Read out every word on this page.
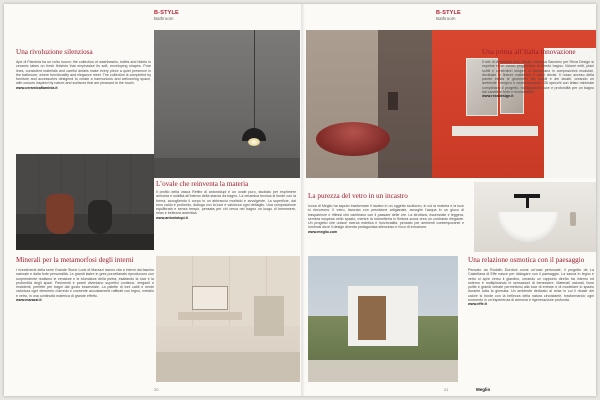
B-STYLE
Bathroom
Una rivoluzione silenziosa
Ape di Flaminia ha un volto nuovo: the collection of washbasins, toilets and bidets in ceramic takes on fresh finishes that emphasise its soft, enveloping shapes. Pure lines, consistent materials and careful details make every piece a quiet presence in the bathroom, where functionality and elegance meet. The collection is completed by furniture and accessories designed to create a harmonious and welcoming space, with colours inspired by nature and surfaces that are pleasant to the touch.
www.ceramicaflaminia.it
L’ovale che reinventa la materia
Il profilo della vasca Reflex di antoniolupi è un ovale puro, studiato per esprimere armonia e solidità all’interno della stanza da bagno. La ceramica tecnica si fonde con la forma, accogliendo il corpo in un abbraccio morbido e avvolgente. La superficie, dal tono caldo e profondo, dialoga con la luce e valorizza ogni dettaglio. Una composizione equilibrata e senza tempo, pensata per chi cerca nel bagno un luogo di benessere, relax e bellezza autentica.
www.antoniolupi.it
Minerali per la metamorfosi degli interni
I rivestimenti della serie Grande Stone Look di Marazzi danno vita a interni dal fascino naturale e dalla forte personalità. Le grandi lastre in gres porcellanato riproducono con sorprendente realismo le venature e le sfumature della pietra, esaltando la luce e la profondità degli spazi. Pavimenti e pareti diventano superfici continue, eleganti e resistenti, perfette per bagni dal gusto essenziale. La palette di toni caldi e neutri valorizza ogni elemento d’arredo e consente accostamenti raffinati con legno, metallo e vetro, in una continuità materica di grande effetto.
www.marazzi.it
20
B-STYLE
Bathroom
Una prima all’Italia innovazione
Il mix di dinamicità dello Studio Vanessa Sanchez per Rexa Design si esprime in un nuovo programma di arredo bagno. Volumi netti, piani sottili e contenitori sospesi si combinano in composizioni modulari, declinate in finiture materiche e colori decisi. Il rosso acceso della parete esalta le geometrie dei mobili e dei lavabi, creando un ambiente energico e contemporaneo. Gli specchi con telaio minimale completano il progetto, moltiplicando luce e profondità per un bagno dal carattere forte e riconoscibile.
www.rexadesign.it
La purezza del vetro in un incastro
Icona di Meglio ha saputo trasformare il lavabo in un oggetto scultoreo, in cui la materia e la luce si rincorrono. Il vetro, lavorato con precisione artigianale, accoglie l’acqua in un gioco di trasparenze e riflessi che cambiano con il passare delle ore. La struttura, essenziale e leggera, sembra sospesa nello spazio, mentre la rubinetteria in finitura scura crea un contrasto elegante. Un progetto che unisce ricerca estetica e funzionalità, pensato per ambienti contemporanei e luminosi dove il design diventa protagonista silenzioso e ricco di emozione.
www.meglio.com
Una relazione osmotica con il paesaggio
Pensato da Rodolfo Dordoni come un’oasi personale, il progetto de La Castellana di Effe nasce per dialogare con il paesaggio. La sauna in legno e vetro si apre verso il giardino, creando un rapporto diretto tra interno ed esterno e moltiplicando le sensazioni di benessere. Materiali naturali, linee pulite e grandi vetrate permettono alla luce di entrare e di modellare lo spazio durante tutta la giornata. Un ambiente dedicato al relax in cui il rituale del calore si fonde con la bellezza della natura circostante, trasformando ogni momento in un’esperienza di armonia e rigenerazione profonda.
www.effe.it
Meglio
21
